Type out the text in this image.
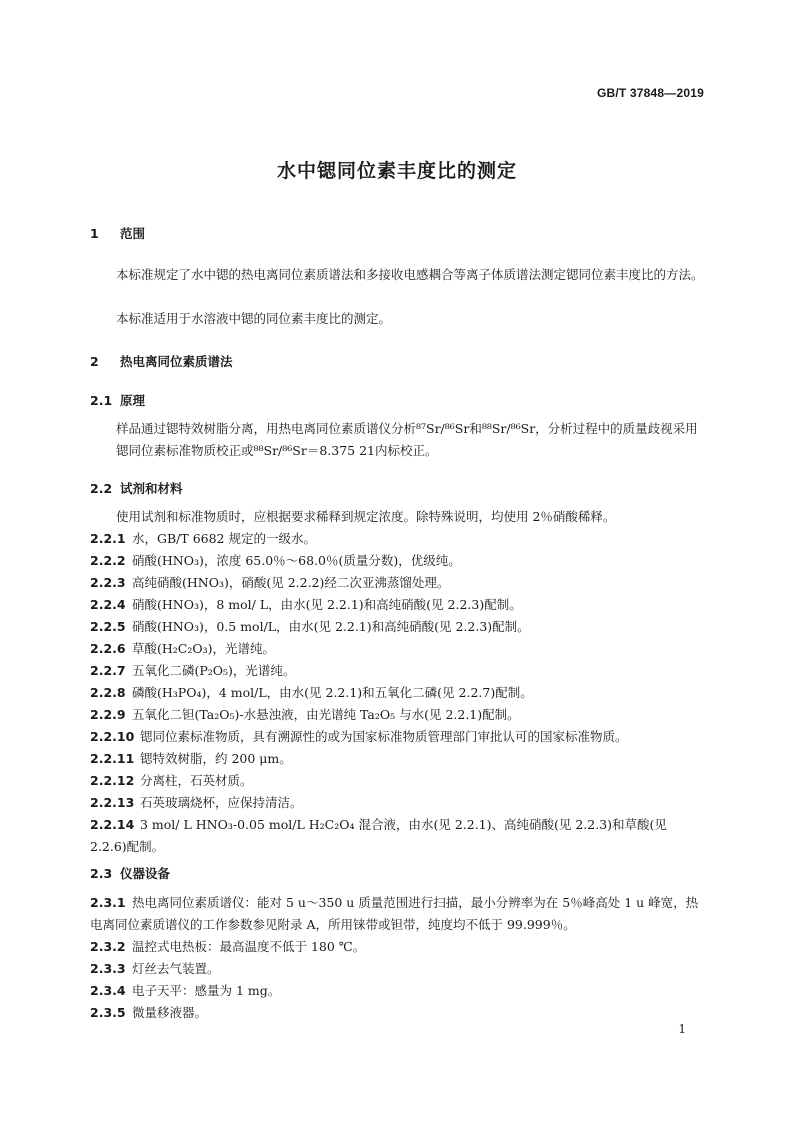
GB/T 37848—2019
水中锶同位素丰度比的测定
1 范围
本标准规定了水中锶的热电离同位素质谱法和多接收电感耦合等离子体质谱法测定锶同位素丰度比的方法。
本标准适用于水溶液中锶的同位素丰度比的测定。
2 热电离同位素质谱法
2.1 原理
样品通过锶特效树脂分离，用热电离同位素质谱仪分析⁸⁷Sr/⁸⁶Sr和⁸⁸Sr/⁸⁶Sr，分析过程中的质量歧视采用锶同位素标准物质校正或⁸⁸Sr/⁸⁶Sr＝8.375 21内标校正。
2.2 试剂和材料
使用试剂和标准物质时，应根据要求稀释到规定浓度。除特殊说明，均使用 2％硝酸稀释。
2.2.1 水，GB/T 6682 规定的一级水。
2.2.2 硝酸(HNO₃)，浓度 65.0％～68.0％(质量分数)，优级纯。
2.2.3 高纯硝酸(HNO₃)，硝酸(见 2.2.2)经二次亚沸蒸馏处理。
2.2.4 硝酸(HNO₃)，8 mol/ L，由水(见 2.2.1)和高纯硝酸(见 2.2.3)配制。
2.2.5 硝酸(HNO₃)，0.5 mol/L，由水(见 2.2.1)和高纯硝酸(见 2.2.3)配制。
2.2.6 草酸(H₂C₂O₃)，光谱纯。
2.2.7 五氧化二磷(P₂O₅)，光谱纯。
2.2.8 磷酸(H₃PO₄)，4 mol/L，由水(见 2.2.1)和五氧化二磷(见 2.2.7)配制。
2.2.9 五氧化二钽(Ta₂O₅)-水悬浊液，由光谱纯 Ta₂O₅ 与水(见 2.2.1)配制。
2.2.10 锶同位素标准物质，具有溯源性的或为国家标准物质管理部门审批认可的国家标准物质。
2.2.11 锶特效树脂，约 200 μm。
2.2.12 分离柱，石英材质。
2.2.13 石英玻璃烧杯，应保持清洁。
2.2.14 3 mol/ L HNO₃-0.05 mol/L H₂C₂O₄ 混合液，由水(见 2.2.1)、高纯硝酸(见 2.2.3)和草酸(见 2.2.6)配制。
2.3 仪器设备
2.3.1 热电离同位素质谱仪：能对 5 u～350 u 质量范围进行扫描，最小分辨率为在 5％峰高处 1 u 峰宽，热电离同位素质谱仪的工作参数参见附录 A，所用铼带或钽带，纯度均不低于 99.999％。
2.3.2 温控式电热板：最高温度不低于 180 ℃。
2.3.3 灯丝去气装置。
2.3.4 电子天平：感量为 1 mg。
2.3.5 微量移液器。
1
